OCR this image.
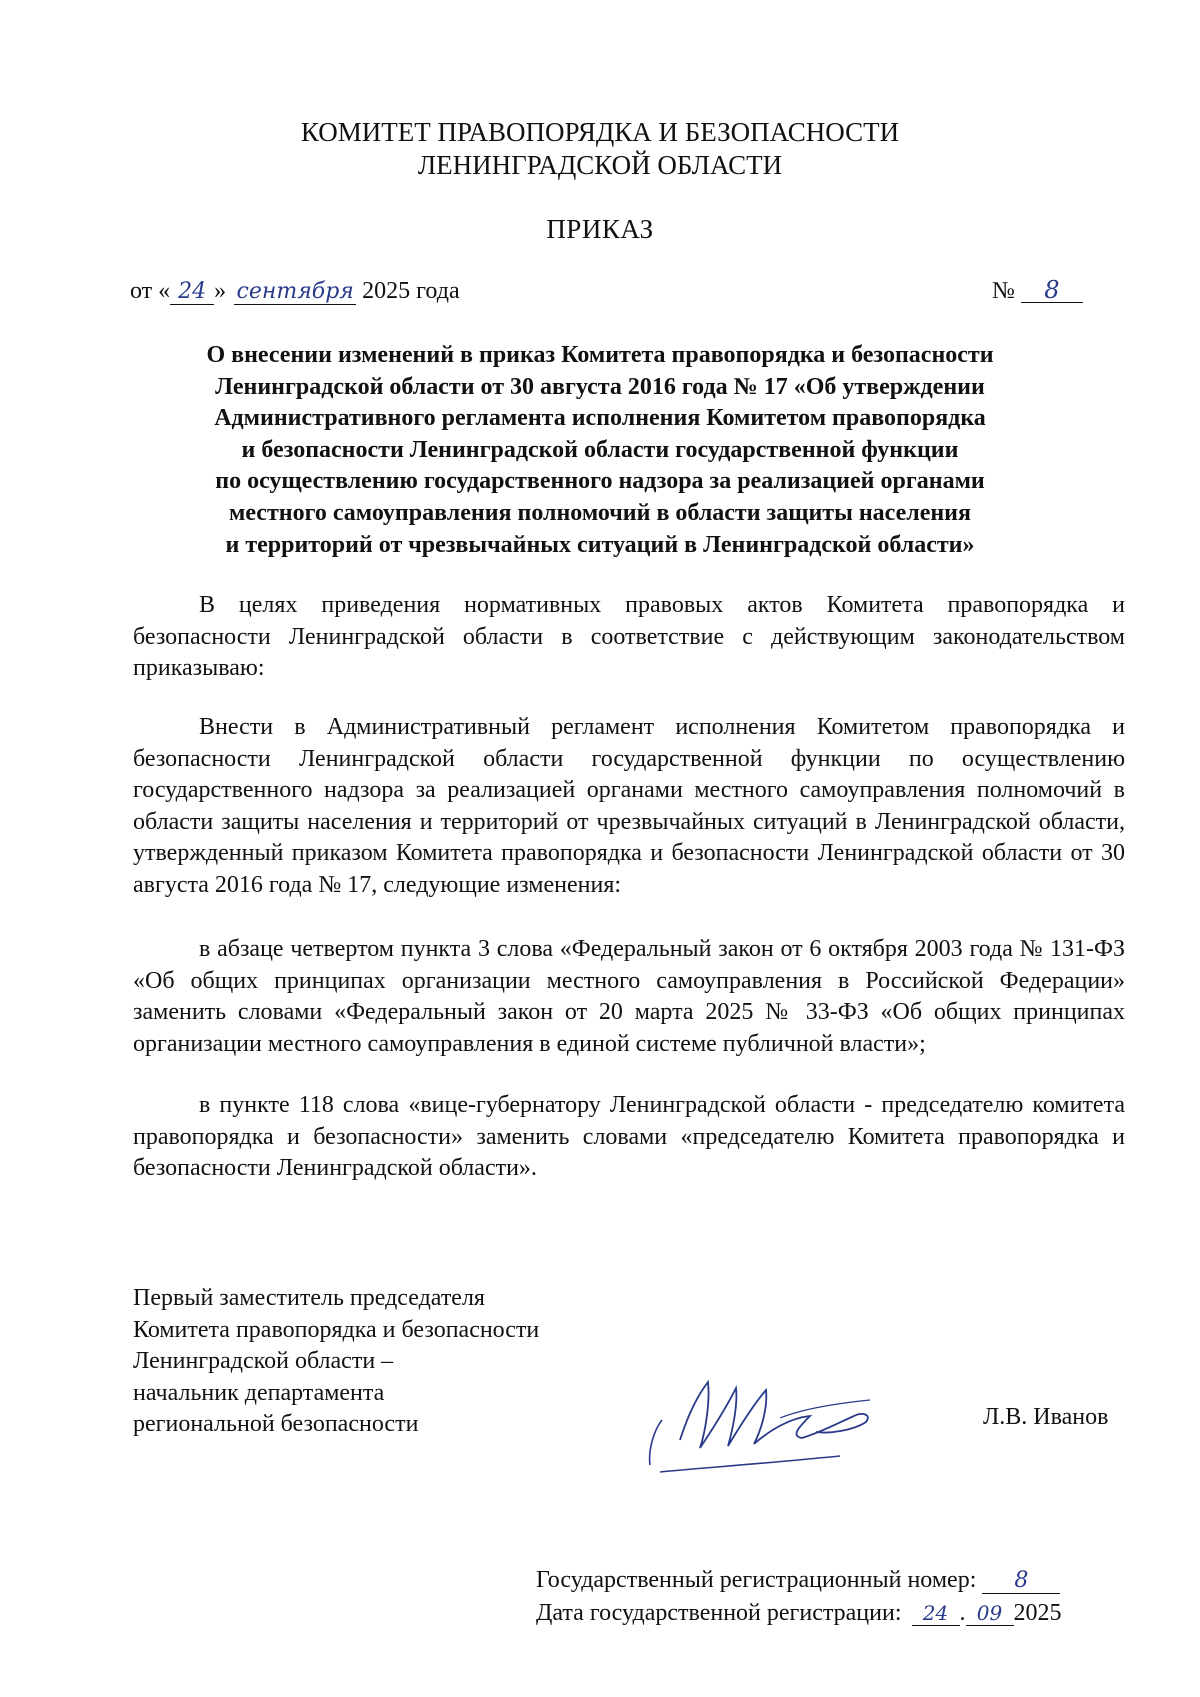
КОМИТЕТ ПРАВОПОРЯДКА И БЕЗОПАСНОСТИ
ЛЕНИНГРАДСКОЙ ОБЛАСТИ
ПРИКАЗ
от « 24 » сентября 2025 года	№ 8
О внесении изменений в приказ Комитета правопорядка и безопасности
Ленинградской области от 30 августа 2016 года № 17 «Об утверждении
Административного регламента исполнения Комитетом правопорядка
и безопасности Ленинградской области государственной функции
по осуществлению государственного надзора за реализацией органами
местного самоуправления полномочий в области защиты населения
и территорий от чрезвычайных ситуаций в Ленинградской области»
В целях приведения нормативных правовых актов Комитета правопорядка и безопасности Ленинградской области в соответствие с действующим законодательством приказываю:
Внести в Административный регламент исполнения Комитетом правопорядка и безопасности Ленинградской области государственной функции по осуществлению государственного надзора за реализацией органами местного самоуправления полномочий в области защиты населения и территорий от чрезвычайных ситуаций в Ленинградской области, утвержденный приказом Комитета правопорядка и безопасности Ленинградской области от 30 августа 2016 года № 17, следующие изменения:
в абзаце четвертом пункта 3 слова «Федеральный закон от 6 октября 2003 года № 131-ФЗ «Об общих принципах организации местного самоуправления в Российской Федерации» заменить словами «Федеральный закон от 20 марта 2025 № 33-ФЗ «Об общих принципах организации местного самоуправления в единой системе публичной власти»;
в пункте 118 слова «вице-губернатору Ленинградской области - председателю комитета правопорядка и безопасности» заменить словами «председателю Комитета правопорядка и безопасности Ленинградской области».
Первый заместитель председателя
Комитета правопорядка и безопасности
Ленинградской области –
начальник департамента
региональной безопасности	Л.В. Иванов
Государственный регистрационный номер: 8
Дата государственной регистрации: 24 . 09 2025
